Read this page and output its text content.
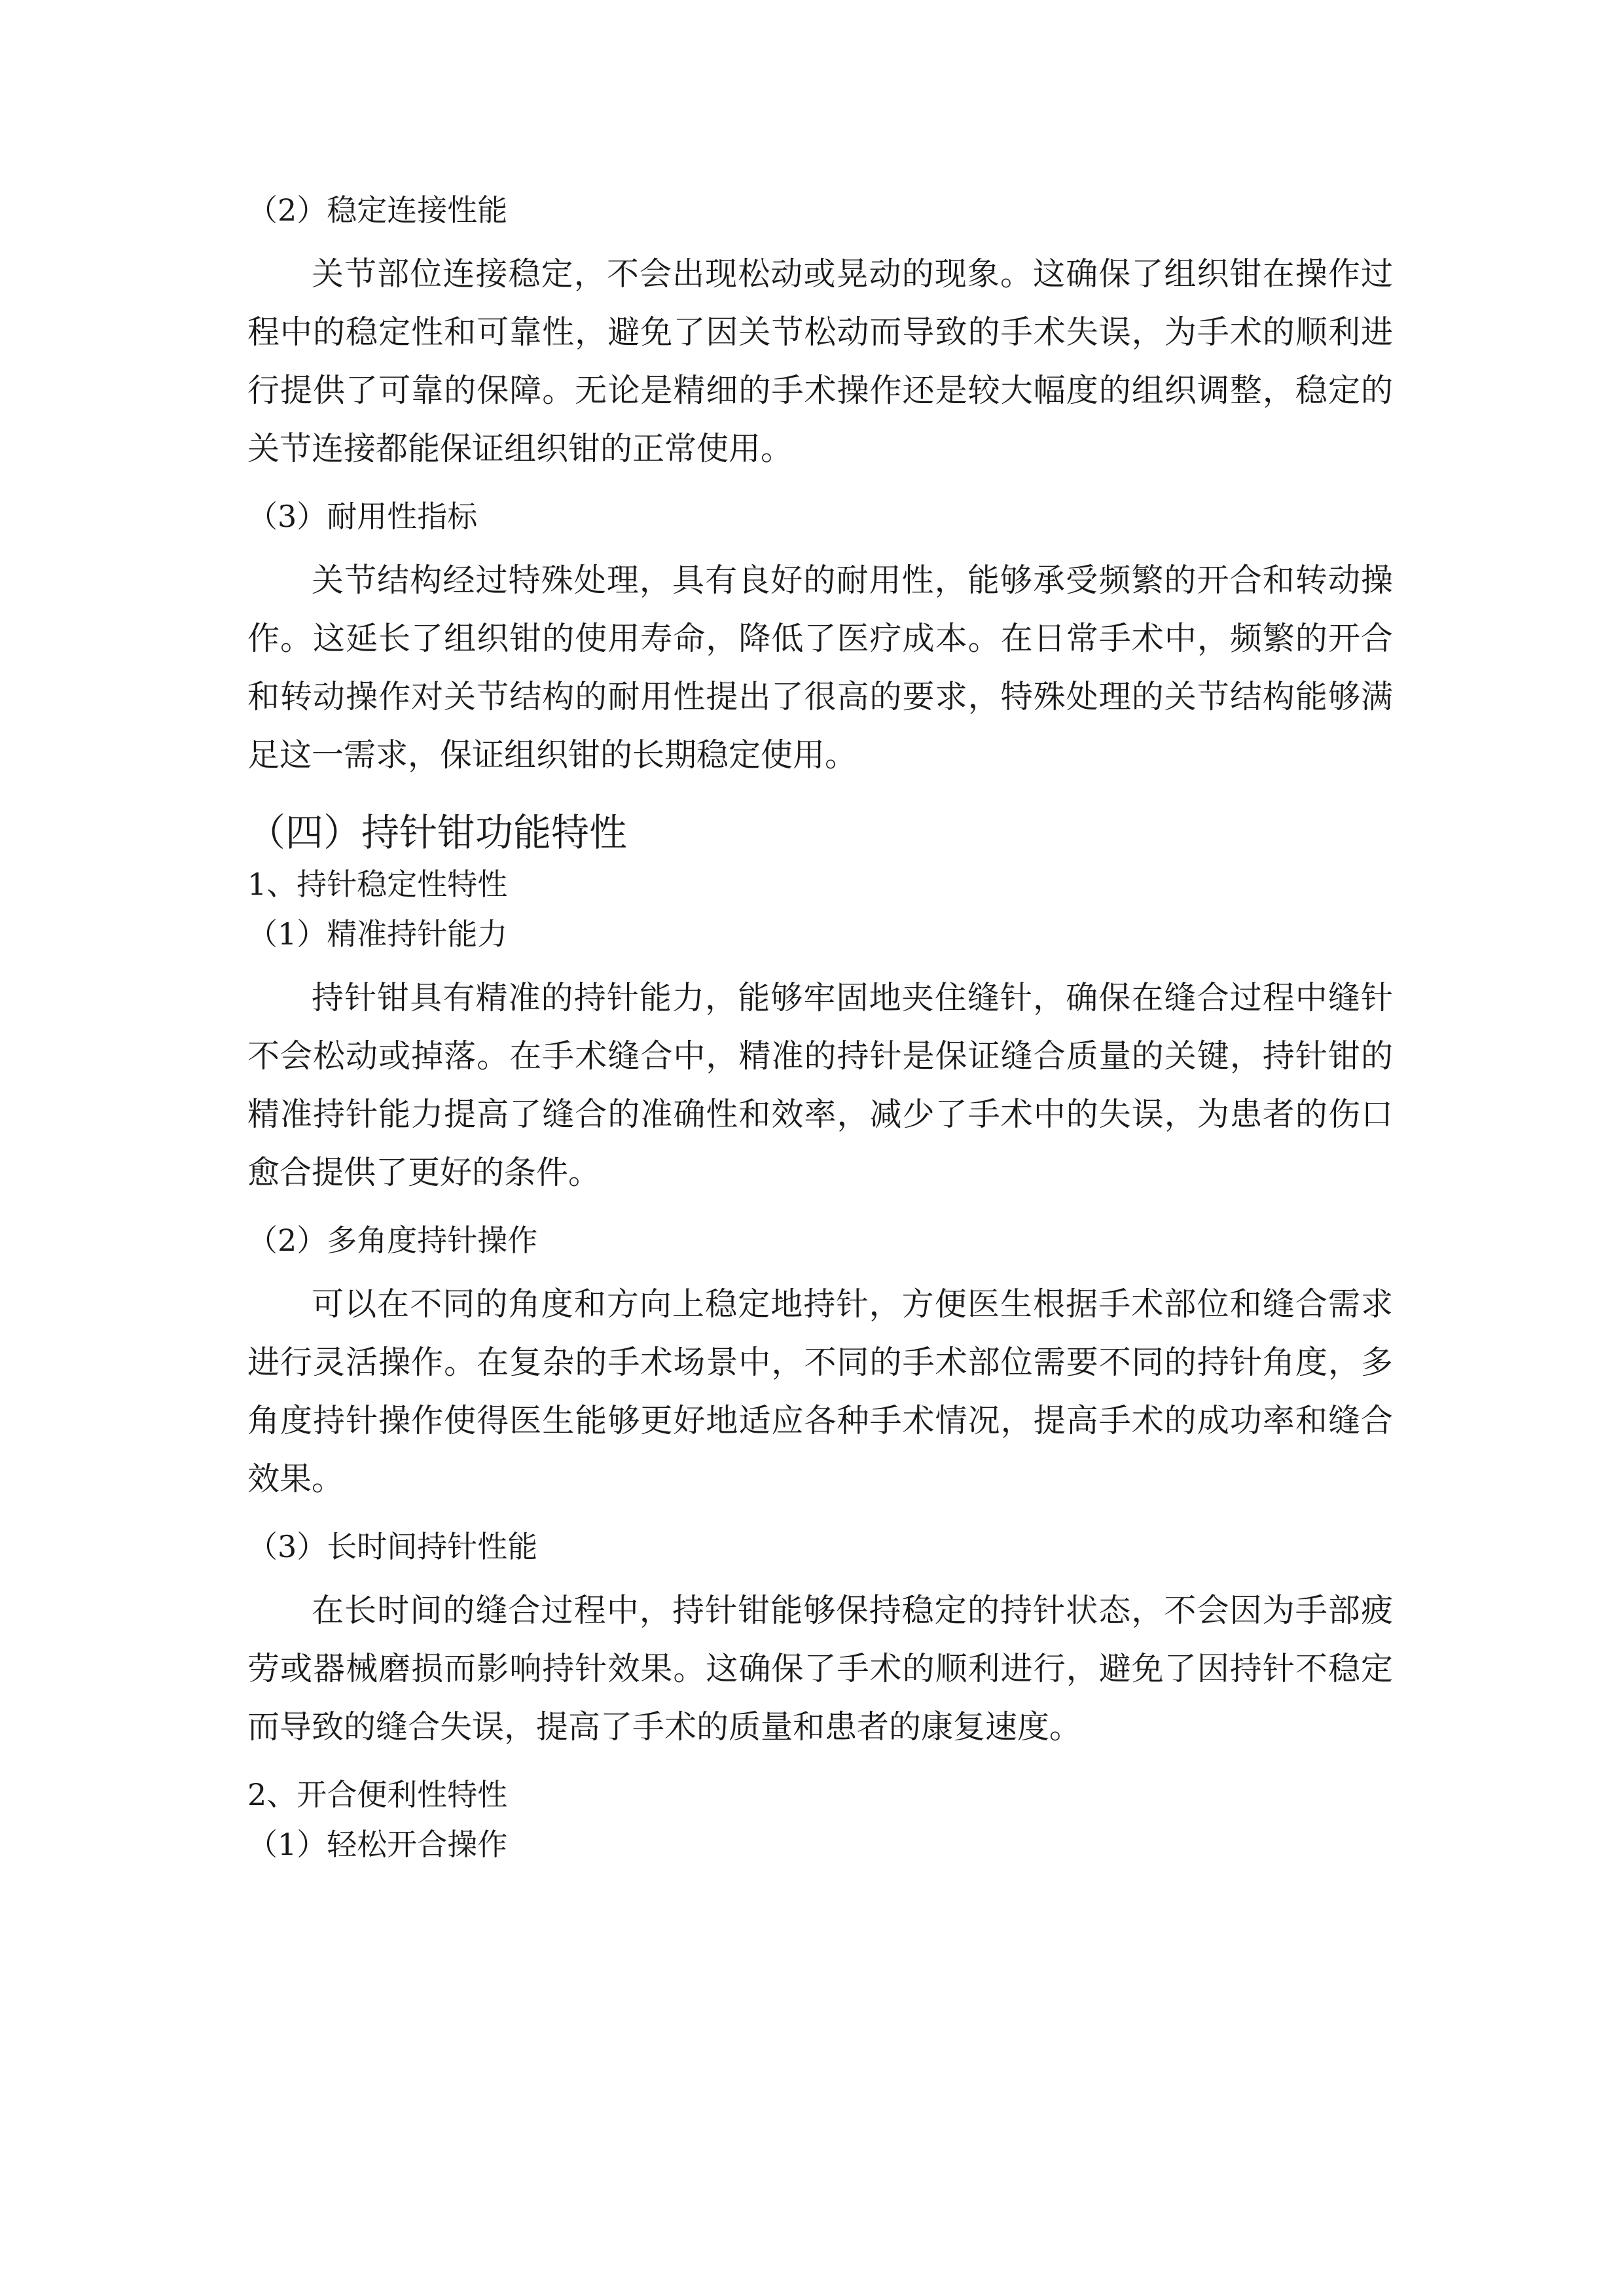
（2）稳定连接性能

关节部位连接稳定，不会出现松动或晃动的现象。这确保了组织钳在操作过程中的稳定性和可靠性，避免了因关节松动而导致的手术失误，为手术的顺利进行提供了可靠的保障。无论是精细的手术操作还是较大幅度的组织调整，稳定的关节连接都能保证组织钳的正常使用。

（3）耐用性指标

关节结构经过特殊处理，具有良好的耐用性，能够承受频繁的开合和转动操作。这延长了组织钳的使用寿命，降低了医疗成本。在日常手术中，频繁的开合和转动操作对关节结构的耐用性提出了很高的要求，特殊处理的关节结构能够满足这一需求，保证组织钳的长期稳定使用。

（四）持针钳功能特性

1、持针稳定性特性

（1）精准持针能力

持针钳具有精准的持针能力，能够牢固地夹住缝针，确保在缝合过程中缝针不会松动或掉落。在手术缝合中，精准的持针是保证缝合质量的关键，持针钳的精准持针能力提高了缝合的准确性和效率，减少了手术中的失误，为患者的伤口愈合提供了更好的条件。

（2）多角度持针操作

可以在不同的角度和方向上稳定地持针，方便医生根据手术部位和缝合需求进行灵活操作。在复杂的手术场景中，不同的手术部位需要不同的持针角度，多角度持针操作使得医生能够更好地适应各种手术情况，提高手术的成功率和缝合效果。

（3）长时间持针性能

在长时间的缝合过程中，持针钳能够保持稳定的持针状态，不会因为手部疲劳或器械磨损而影响持针效果。这确保了手术的顺利进行，避免了因持针不稳定而导致的缝合失误，提高了手术的质量和患者的康复速度。

2、开合便利性特性

（1）轻松开合操作
